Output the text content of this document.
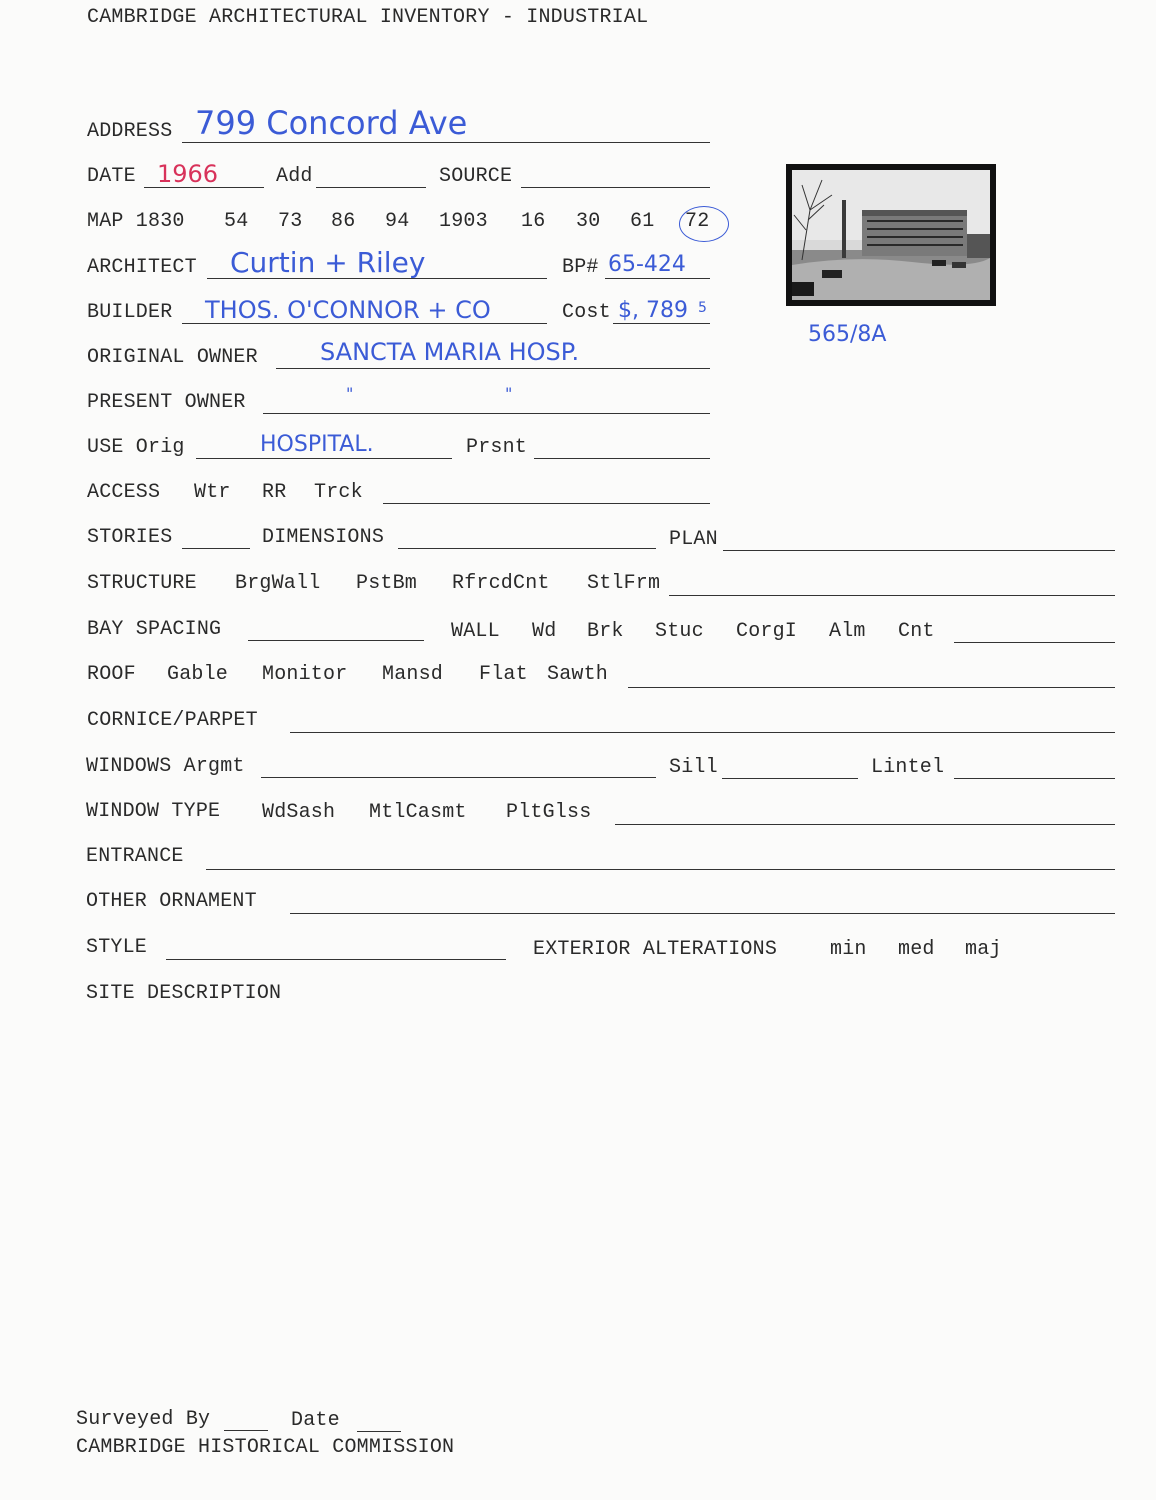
CAMBRIDGE ARCHITECTURAL INVENTORY - INDUSTRIAL
ADDRESS 799 Concord Ave
DATE 1966	Add	SOURCE
MAP 1830 54 73 86 94 1903 16 30 61 72
ARCHITECT Curtin + Riley	BP# 65-424
BUILDER THOS. O'CONNOR + CO	Cost $, 789 5
565/8A
ORIGINAL OWNER	SANCTA MARIA HOSP.
PRESENT OWNER	"	"
USE Orig	HOSPITAL.	Prsnt
ACCESS Wtr RR Trck
STORIES	DIMENSIONS	PLAN
STRUCTURE BrgWall PstBm RfrcdCnt StlFrm
BAY SPACING	WALL Wd Brk Stuc CorgI Alm Cnt
ROOF Gable Monitor Mansd Flat Sawth
CORNICE/PARPET
WINDOWS Argmt	Sill	Lintel
WINDOW TYPE WdSash MtlCasmt PltGlss
ENTRANCE
OTHER ORNAMENT
STYLE	EXTERIOR ALTERATIONS	min med maj
SITE DESCRIPTION
Surveyed By	Date
CAMBRIDGE HISTORICAL COMMISSION
